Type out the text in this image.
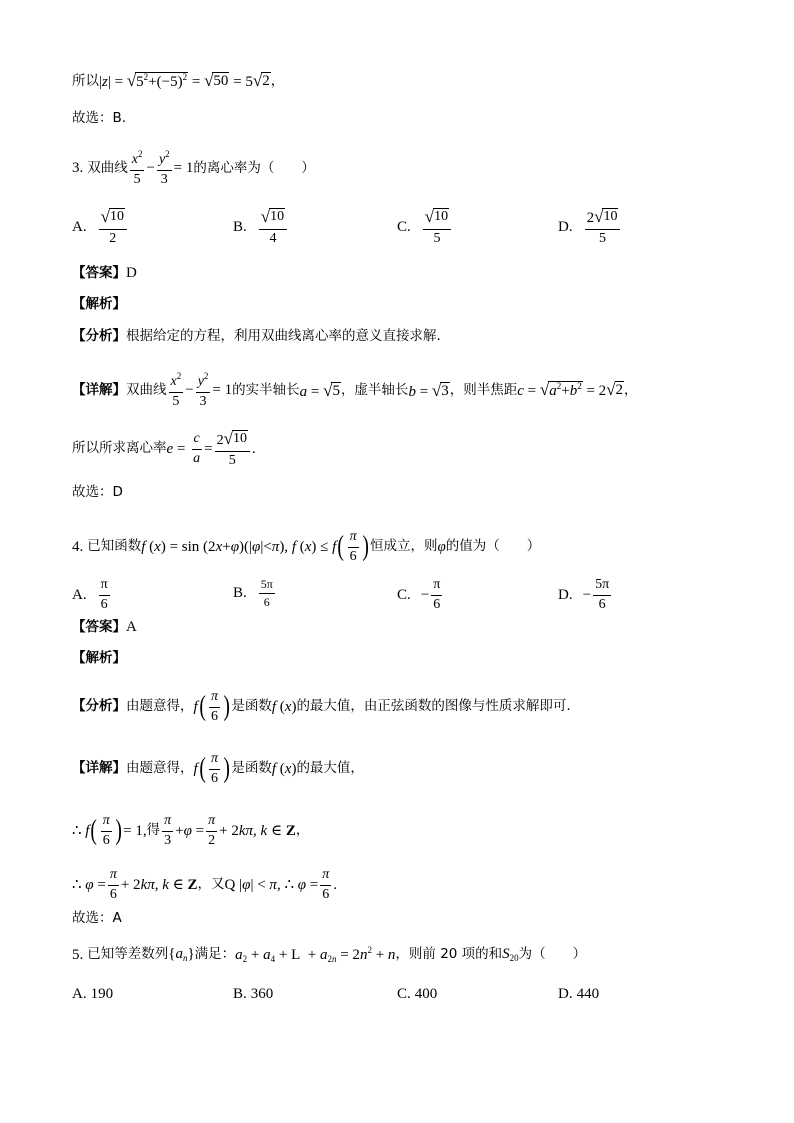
所以 |z| = √ $5^2+(-5)^2$ = √ 50 = 5 √ 2 ，
故选：B.
3. 双曲线 $\frac{x^2}{5} - \frac{y^2}{3} = 1$ 的离心率为（　　）
A. $\frac{√ 10}{2}$	B. $\frac{√ 10}{4}$	C. $\frac{√ 10}{5}$	D. $\frac{2 √ 10}{5}$
【答案】 D
【解析】
【分析】 根据给定的方程，利用双曲线离心率的意义直接求解.
【详解】 双曲线 $\frac{x^2}{5} - \frac{y^2}{3} = 1$ 的实半轴长 a = √ 5 ，虚半轴长 b = √ 3 ，则半焦距 c = √ $a^2+b^2 = 2$ √ 2 ，
所以所求离心率 $e = \frac{c}{a} = \frac{2 √ 10}{5}$ .
故选：D
4. 已知函数 f (x) = sin (2x+φ)(|φ|<π), f (x) ≤ f ( $\frac{\pi}{6}$ ) 恒成立，则 φ 的值为（　　）
A. $\frac{\pi}{6}$	B. $\frac{5\pi}{6}$	C. − $\frac{\pi}{6}$	D. − $\frac{5\pi}{6}$
【答案】 A
【解析】
【分析】 由题意得， f ( $\frac{\pi}{6}$ ) 是函数 f (x) 的最大值，由正弦函数的图像与性质求解即可.
【详解】 由题意得， f ( $\frac{\pi}{6}$ ) 是函数 f (x) 的最大值，
∴ f ( $\frac{\pi}{6}$ ) = 1, 得 $\frac{\pi}{3} +\varphi = \frac{\pi}{2} + 2k\pi$, k ∈ Z ，
∴ $\varphi = \frac{\pi}{6} + 2k\pi$, k ∈ Z ，又 Q |φ| < π, ∴ $\varphi = \frac{\pi}{6}$ .
故选：A
5. 已知等差数列 $\{a_n\}$ 满足： $a_2 + a_4 + L + a_{2n} = 2n^2 + n$ ，则前 20 项的和 $S_{20}$ 为（　　）
A. 190	B. 360	C. 400	D. 440
